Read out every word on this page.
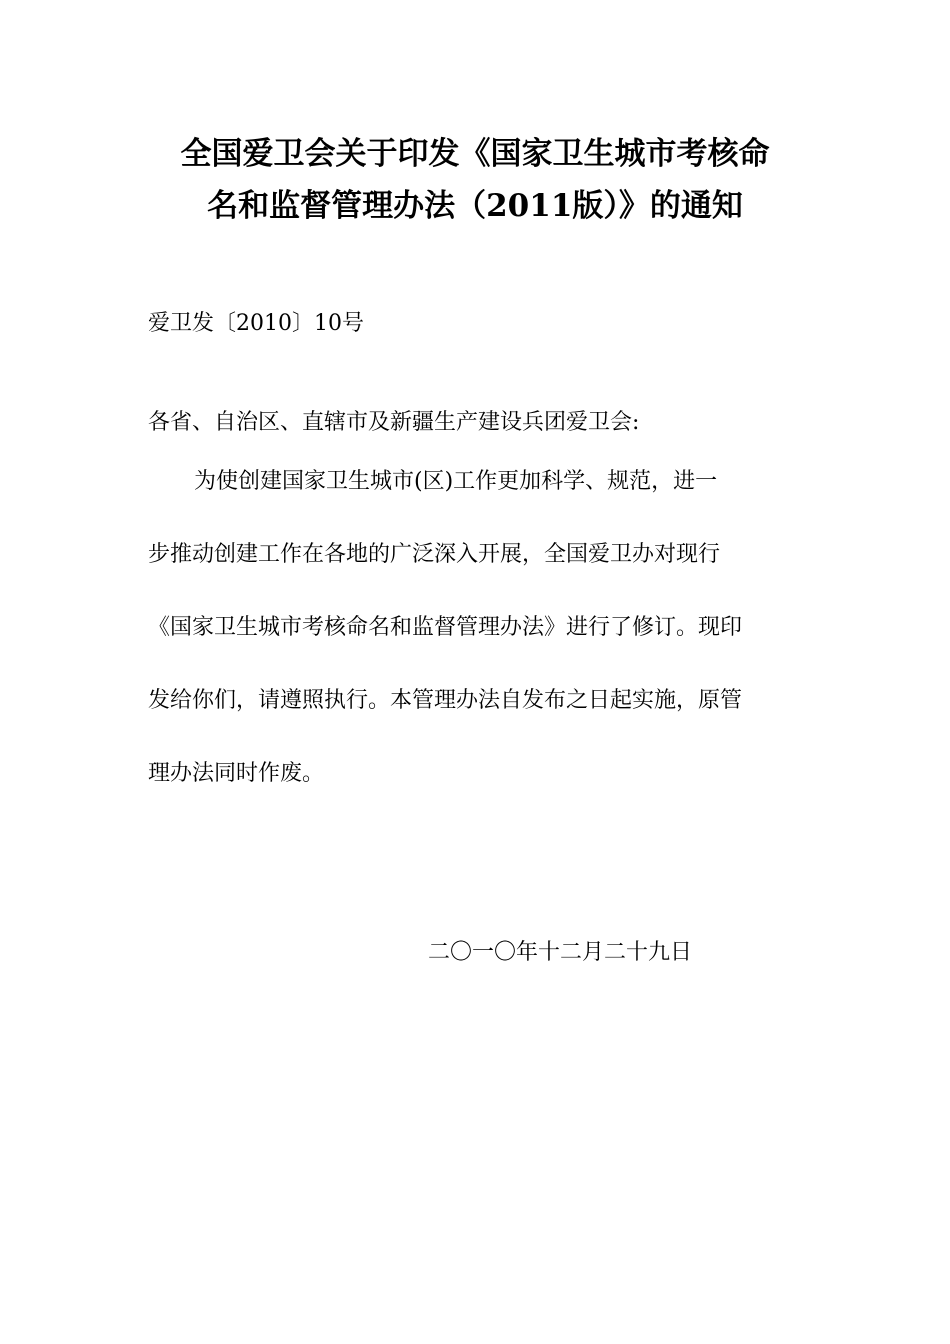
全国爱卫会关于印发《国家卫生城市考核命
名和监督管理办法（2011版）》的通知
爱卫发〔2010〕10号
各省、自治区、直辖市及新疆生产建设兵团爱卫会:
为使创建国家卫生城市(区)工作更加科学、规范，进一
步推动创建工作在各地的广泛深入开展，全国爱卫办对现行
《国家卫生城市考核命名和监督管理办法》进行了修订。现印
发给你们，请遵照执行。本管理办法自发布之日起实施，原管
理办法同时作废。
二〇一〇年十二月二十九日
